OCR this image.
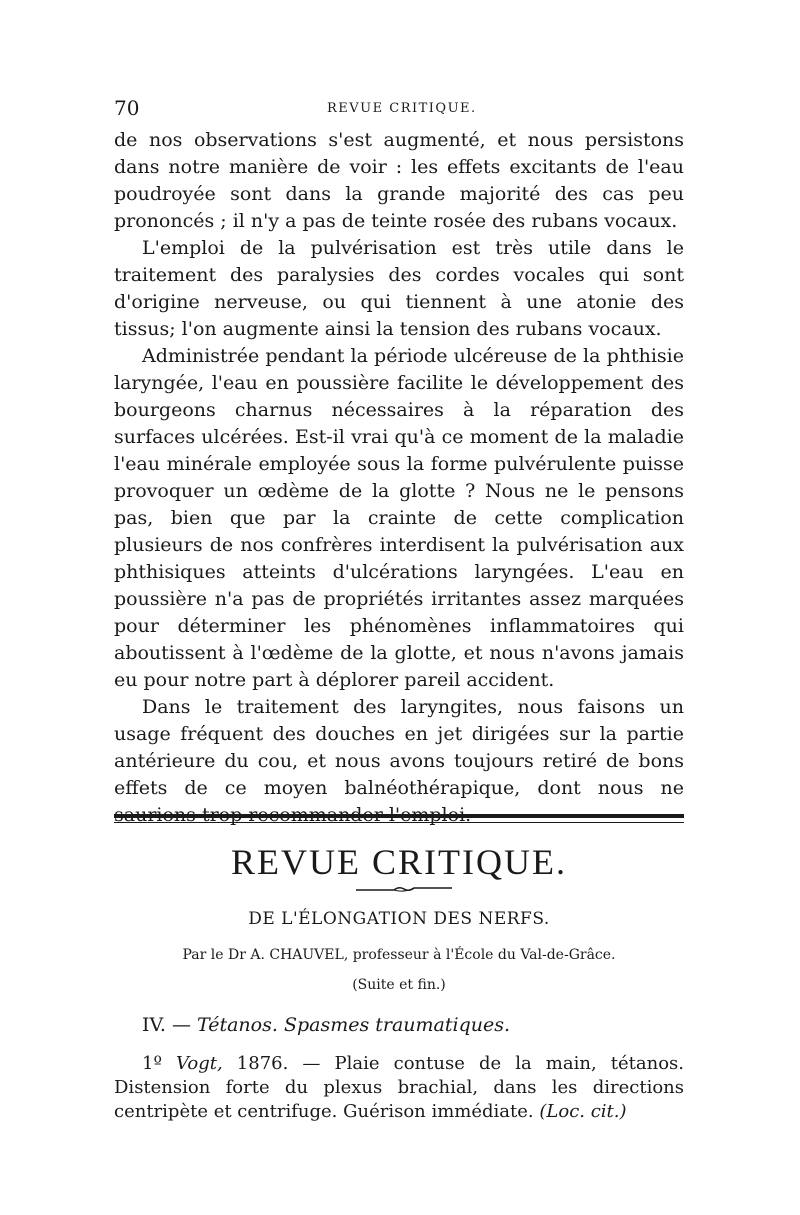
70	REVUE CRITIQUE.

de nos observations s'est augmenté, et nous persistons dans notre manière de voir : les effets excitants de l'eau poudroyée sont dans la grande majorité des cas peu prononcés ; il n'y a pas de teinte rosée des rubans vocaux.

L'emploi de la pulvérisation est très utile dans le traitement des paralysies des cordes vocales qui sont d'origine nerveuse, ou qui tiennent à une atonie des tissus; l'on augmente ainsi la tension des rubans vocaux.

Administrée pendant la période ulcéreuse de la phthisie laryngée, l'eau en poussière facilite le développement des bourgeons charnus nécessaires à la réparation des surfaces ulcérées. Est-il vrai qu'à ce moment de la maladie l'eau minérale employée sous la forme pulvérulente puisse provoquer un œdème de la glotte ? Nous ne le pensons pas, bien que par la crainte de cette complication plusieurs de nos confrères interdisent la pulvérisation aux phthisiques atteints d'ulcérations laryngées. L'eau en poussière n'a pas de propriétés irritantes assez marquées pour déterminer les phénomènes inflammatoires qui aboutissent à l'œdème de la glotte, et nous n'avons jamais eu pour notre part à déplorer pareil accident.

Dans le traitement des laryngites, nous faisons un usage fréquent des douches en jet dirigées sur la partie antérieure du cou, et nous avons toujours retiré de bons effets de ce moyen balnéothérapique, dont nous ne

REVUE CRITIQUE.
DE L'ÉLONGATION DES NERFS.
Par le Dr A. CHAUVEL, professeur à l'École du Val-de-Grâce.
(Suite et fin.)
IV. — Tétanos. Spasmes traumatiques.
1º Vogt, 1876. — Plaie contuse de la main, tétanos. Distension forte du plexus brachial, dans les directions centripète et centrifuge. Guérison immédiate. (Loc. cit.)
